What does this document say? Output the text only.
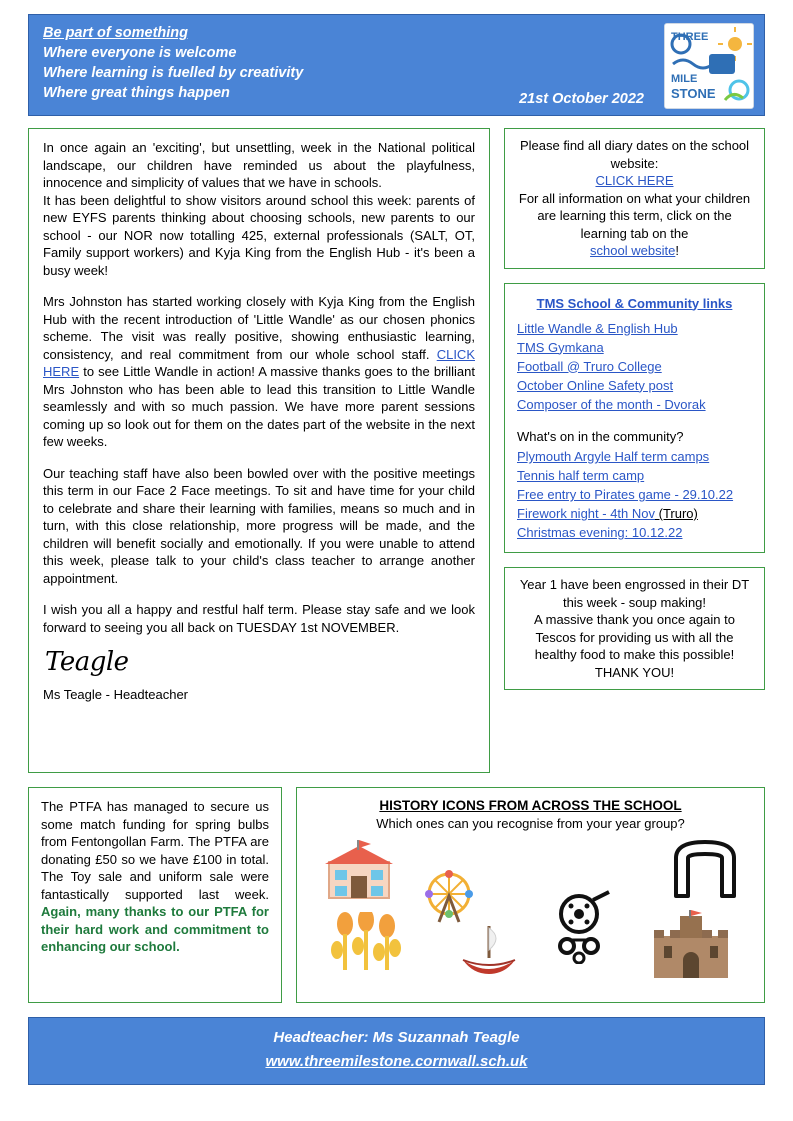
Be part of something
Where everyone is welcome
Where learning is fuelled by creativity
Where great things happen	21st October 2022
THREE
MILE
STONE

In once again an 'exciting', but unsettling, week in the National political landscape, our children have reminded us about the playfulness, innocence and simplicity of values that we have in schools.

It has been delightful to show visitors around school this week: parents of new EYFS parents thinking about choosing schools, new parents to our school - our NOR now totalling 425, external professionals (SALT, OT, Family support workers) and Kyja King from the English Hub - it's been a busy week!

Mrs Johnston has started working closely with Kyja King from the English Hub with the recent introduction of 'Little Wandle' as our chosen phonics scheme. The visit was really positive, showing enthusiastic learning, consistency, and real commitment from our whole school staff. CLICK HERE to see Little Wandle in action! A massive thanks goes to the brilliant Mrs Johnston who has been able to lead this transition to Little Wandle seamlessly and with so much passion. We have more parent sessions coming up so look out for them on the dates part of the website in the next few weeks.

Our teaching staff have also been bowled over with the positive meetings this term in our Face 2 Face meetings. To sit and have time for your child to celebrate and share their learning with families, means so much and in turn, with this close relationship, more progress will be made, and the children will benefit socially and emotionally. If you were unable to attend this week, please talk to your child's class teacher to arrange another appointment.

I wish you all a happy and restful half term. Please stay safe and we look forward to seeing you all back on TUESDAY 1st NOVEMBER.

Teagle
Ms Teagle - Headteacher
Please find all diary dates on the school website:
CLICK HERE
For all information on what your children are learning this term, click on the learning tab on the
school website!
TMS School & Community links
Little Wandle & English Hub
TMS Gymkana
Football @ Truro College
October Online Safety post
Composer of the month - Dvorak
What's on in the community?
Plymouth Argyle Half term camps
Tennis half term camp
Free entry to Pirates game - 29.10.22
Firework night - 4th Nov (Truro)
Christmas evening: 10.12.22
Year 1 have been engrossed in their DT this week - soup making!
A massive thank you once again to Tescos for providing us with all the healthy food to make this possible!
THANK YOU!
The PTFA has managed to secure us some match funding for spring bulbs from Fentongollan Farm. The PTFA are donating £50 so we have £100 in total. The Toy sale and uniform sale were fantastically supported last week. Again, many thanks to our PTFA for their hard work and commitment to enhancing our school.
HISTORY ICONS FROM ACROSS THE SCHOOL
Which ones can you recognise from your year group?
Headteacher: Ms Suzannah Teagle
www.threemilestone.cornwall.sch.uk
